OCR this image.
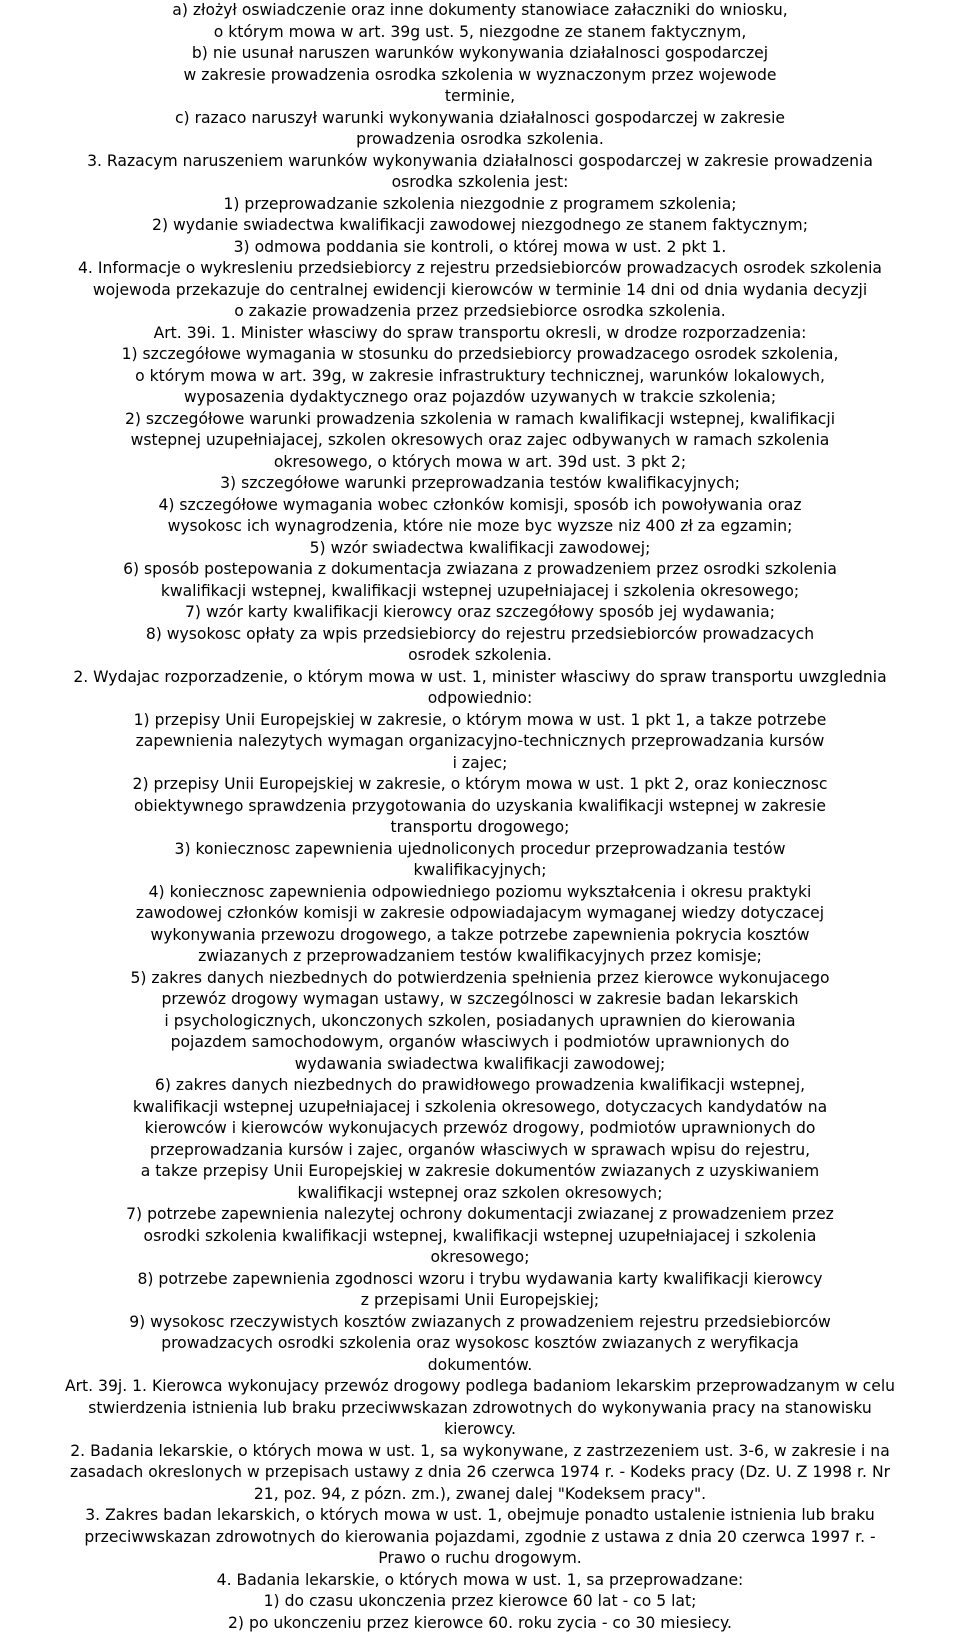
a) złożył oswiadczenie oraz inne dokumenty stanowiace załaczniki do wniosku,
o którym mowa w art. 39g ust. 5, niezgodne ze stanem faktycznym,
b) nie usunał naruszen warunków wykonywania działalnosci gospodarczej
w zakresie prowadzenia osrodka szkolenia w wyznaczonym przez wojewode
terminie,
c) razaco naruszył warunki wykonywania działalnosci gospodarczej w zakresie
prowadzenia osrodka szkolenia.
3. Razacym naruszeniem warunków wykonywania działalnosci gospodarczej w zakresie prowadzenia
osrodka szkolenia jest:
1) przeprowadzanie szkolenia niezgodnie z programem szkolenia;
2) wydanie swiadectwa kwalifikacji zawodowej niezgodnego ze stanem faktycznym;
3) odmowa poddania sie kontroli, o której mowa w ust. 2 pkt 1.
4. Informacje o wykresleniu przedsiebiorcy z rejestru przedsiebiorców prowadzacych osrodek szkolenia
wojewoda przekazuje do centralnej ewidencji kierowców w terminie 14 dni od dnia wydania decyzji
o zakazie prowadzenia przez przedsiebiorce osrodka szkolenia.
Art. 39i. 1. Minister własciwy do spraw transportu okresli, w drodze rozporzadzenia:
1) szczegółowe wymagania w stosunku do przedsiebiorcy prowadzacego osrodek szkolenia,
o którym mowa w art. 39g, w zakresie infrastruktury technicznej, warunków lokalowych,
wyposazenia dydaktycznego oraz pojazdów uzywanych w trakcie szkolenia;
2) szczegółowe warunki prowadzenia szkolenia w ramach kwalifikacji wstepnej, kwalifikacji
wstepnej uzupełniajacej, szkolen okresowych oraz zajec odbywanych w ramach szkolenia
okresowego, o których mowa w art. 39d ust. 3 pkt 2;
3) szczegółowe warunki przeprowadzania testów kwalifikacyjnych;
4) szczegółowe wymagania wobec członków komisji, sposób ich powoływania oraz
wysokosc ich wynagrodzenia, które nie moze byc wyzsze niz 400 zł za egzamin;
5) wzór swiadectwa kwalifikacji zawodowej;
6) sposób postepowania z dokumentacja zwiazana z prowadzeniem przez osrodki szkolenia
kwalifikacji wstepnej, kwalifikacji wstepnej uzupełniajacej i szkolenia okresowego;
7) wzór karty kwalifikacji kierowcy oraz szczegółowy sposób jej wydawania;
8) wysokosc opłaty za wpis przedsiebiorcy do rejestru przedsiebiorców prowadzacych
osrodek szkolenia.
2. Wydajac rozporzadzenie, o którym mowa w ust. 1, minister własciwy do spraw transportu uwzglednia
odpowiednio:
1) przepisy Unii Europejskiej w zakresie, o którym mowa w ust. 1 pkt 1, a takze potrzebe
zapewnienia nalezytych wymagan organizacyjno-technicznych przeprowadzania kursów
i zajec;
2) przepisy Unii Europejskiej w zakresie, o którym mowa w ust. 1 pkt 2, oraz koniecznosc
obiektywnego sprawdzenia przygotowania do uzyskania kwalifikacji wstepnej w zakresie
transportu drogowego;
3) koniecznosc zapewnienia ujednoliconych procedur przeprowadzania testów
kwalifikacyjnych;
4) koniecznosc zapewnienia odpowiedniego poziomu wykształcenia i okresu praktyki
zawodowej członków komisji w zakresie odpowiadajacym wymaganej wiedzy dotyczacej
wykonywania przewozu drogowego, a takze potrzebe zapewnienia pokrycia kosztów
zwiazanych z przeprowadzaniem testów kwalifikacyjnych przez komisje;
5) zakres danych niezbednych do potwierdzenia spełnienia przez kierowce wykonujacego
przewóz drogowy wymagan ustawy, w szczególnosci w zakresie badan lekarskich
i psychologicznych, ukonczonych szkolen, posiadanych uprawnien do kierowania
pojazdem samochodowym, organów własciwych i podmiotów uprawnionych do
wydawania swiadectwa kwalifikacji zawodowej;
6) zakres danych niezbednych do prawidłowego prowadzenia kwalifikacji wstepnej,
kwalifikacji wstepnej uzupełniajacej i szkolenia okresowego, dotyczacych kandydatów na
kierowców i kierowców wykonujacych przewóz drogowy, podmiotów uprawnionych do
przeprowadzania kursów i zajec, organów własciwych w sprawach wpisu do rejestru,
a takze przepisy Unii Europejskiej w zakresie dokumentów zwiazanych z uzyskiwaniem
kwalifikacji wstepnej oraz szkolen okresowych;
7) potrzebe zapewnienia nalezytej ochrony dokumentacji zwiazanej z prowadzeniem przez
osrodki szkolenia kwalifikacji wstepnej, kwalifikacji wstepnej uzupełniajacej i szkolenia
okresowego;
8) potrzebe zapewnienia zgodnosci wzoru i trybu wydawania karty kwalifikacji kierowcy
z przepisami Unii Europejskiej;
9) wysokosc rzeczywistych kosztów zwiazanych z prowadzeniem rejestru przedsiebiorców
prowadzacych osrodki szkolenia oraz wysokosc kosztów zwiazanych z weryfikacja
dokumentów.
Art. 39j. 1. Kierowca wykonujacy przewóz drogowy podlega badaniom lekarskim przeprowadzanym w celu
stwierdzenia istnienia lub braku przeciwwskazan zdrowotnych do wykonywania pracy na stanowisku
kierowcy.
2. Badania lekarskie, o których mowa w ust. 1, sa wykonywane, z zastrzezeniem ust. 3-6, w zakresie i na
zasadach okreslonych w przepisach ustawy z dnia 26 czerwca 1974 r. - Kodeks pracy (Dz. U. Z 1998 r. Nr
21, poz. 94, z pózn. zm.), zwanej dalej "Kodeksem pracy".
3. Zakres badan lekarskich, o których mowa w ust. 1, obejmuje ponadto ustalenie istnienia lub braku
przeciwwskazan zdrowotnych do kierowania pojazdami, zgodnie z ustawa z dnia 20 czerwca 1997 r. -
Prawo o ruchu drogowym.
4. Badania lekarskie, o których mowa w ust. 1, sa przeprowadzane:
1) do czasu ukonczenia przez kierowce 60 lat - co 5 lat;
2) po ukonczeniu przez kierowce 60. roku zycia - co 30 miesiecy.
